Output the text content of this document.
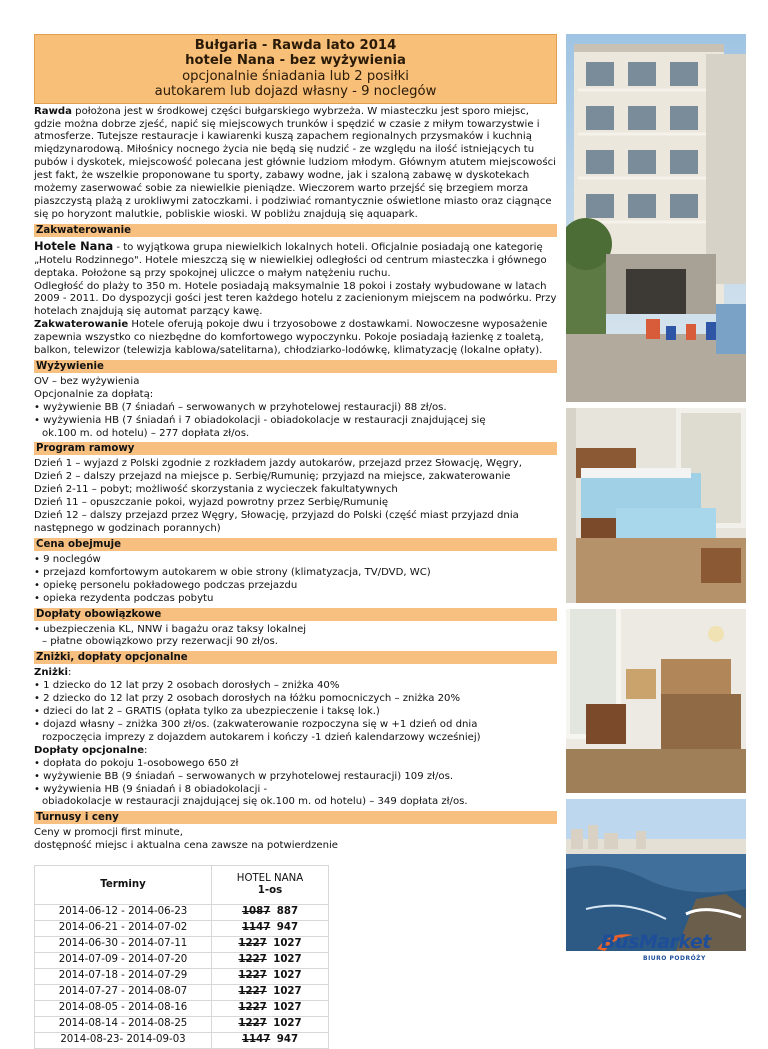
Bułgaria - Rawda lato 2014
hotele Nana - bez wyżywienia
opcjonalnie śniadania lub 2 posiłki
autokarem lub dojazd własny - 9 noclegów

Rawda położona jest w środkowej części bułgarskiego wybrzeża. W miasteczku jest sporo miejsc, gdzie można dobrze zjeść, napić się miejscowych trunków i spędzić w czasie z miłym towarzystwie i atmosferze. Tutejsze restauracje i kawiarenki kuszą zapachem regionalnych przysmaków i kuchnią międzynarodową. Miłośnicy nocnego życia nie będą się nudzić - ze względu na ilość istniejących tu pubów i dyskotek, miejscowość polecana jest głównie ludziom młodym. Głównym atutem miejscowości jest fakt, że wszelkie proponowane tu sporty, zabawy wodne, jak i szaloną zabawę w dyskotekach możemy zaserwować sobie za niewielkie pieniądze. Wieczorem warto przejść się brzegiem morza piaszczystą plażą z urokliwymi zatoczkami. i podziwiać romantycznie oświetlone miasto oraz ciągnące się po horyzont malutkie, pobliskie wioski. W pobliżu znajdują się aquapark.

Zakwaterowanie

Hotele Nana - to wyjątkowa grupa niewielkich lokalnych hoteli. Oficjalnie posiadają one kategorię „Hotelu Rodzinnego". Hotele mieszczą się w niewielkiej odległości od centrum miasteczka i głównego deptaka. Położone są przy spokojnej uliczce o małym natężeniu ruchu.

Odległość do plaży to 350 m. Hotele posiadają maksymalnie 18 pokoi i zostały wybudowane w latach 2009 - 2011. Do dyspozycji gości jest teren każdego hotelu z zacienionym miejscem na podwórku. Przy hotelach znajdują się automat parzący kawę.

Zakwaterowanie Hotele oferują pokoje dwu i trzyosobowe z dostawkami. Nowoczesne wyposażenie zapewnia wszystko co niezbędne do komfortowego wypoczynku. Pokoje posiadają łazienkę z toaletą, balkon, telewizor (telewizja kablowa/satelitarna), chłodziarko-lodówkę, klimatyzację (lokalne opłaty).

Wyżywienie

OV – bez wyżywienia

Opcjonalnie za dopłatą:

• wyżywienie BB (7 śniadań – serwowanych w przyhotelowej restauracji) 88 zł/os.

• wyżywienia HB (7 śniadań i 7 obiadokolacji - obiadokolacje w restauracji znajdującej się

ok.100 m. od hotelu) – 277 dopłata zł/os.

Program ramowy

Dzień 1 – wyjazd z Polski zgodnie z rozkładem jazdy autokarów, przejazd przez Słowację, Węgry,

Dzień 2 – dalszy przejazd na miejsce p. Serbię/Rumunię; przyjazd na miejsce, zakwaterowanie

Dzień 2-11 – pobyt; możliwość skorzystania z wycieczek fakultatywnych

Dzień 11 – opuszczanie pokoi, wyjazd powrotny przez Serbię/Rumunię

Dzień 12 – dalszy przejazd przez Węgry, Słowację, przyjazd do Polski (część miast przyjazd dnia

następnego w godzinach porannych)

Cena obejmuje

• 9 noclegów

• przejazd komfortowym autokarem w obie strony (klimatyzacja, TV/DVD, WC)

• opiekę personelu pokładowego podczas przejazdu

• opieka rezydenta podczas pobytu

Dopłaty obowiązkowe

• ubezpieczenia KL, NNW i bagażu oraz taksy lokalnej

– płatne obowiązkowo przy rezerwacji 90 zł/os.

Zniżki, dopłaty opcjonalne

Zniżki:

• 1 dziecko do 12 lat przy 2 osobach dorosłych – zniżka 40%

• 2 dziecko do 12 lat przy 2 osobach dorosłych na łóżku pomocniczych – zniżka 20%

• dzieci do lat 2 – GRATIS (opłata tylko za ubezpieczenie i taksę lok.)

• dojazd własny – zniżka 300 zł/os. (zakwaterowanie rozpoczyna się w +1 dzień od dnia

rozpoczęcia imprezy z dojazdem autokarem i kończy -1 dzień kalendarzowy wcześniej)

Dopłaty opcjonalne:

• dopłata do pokoju 1-osobowego 650 zł

• wyżywienie BB (9 śniadań – serwowanych w przyhotelowej restauracji) 109 zł/os.

• wyżywienia HB (9 śniadań i 8 obiadokolacji -

obiadokolacje w restauracji znajdującej się ok.100 m. od hotelu) – 349 dopłata zł/os.

Turnusy i ceny

Ceny w promocji first minute,

dostępność miejsc i aktualna cena zawsze na potwierdzenie

Terminy	HOTEL NANA
1-os

2014-06-12 - 2014-06-23	1087 887
2014-06-21 - 2014-07-02	1147 947
2014-06-30 - 2014-07-11	1227 1027
2014-07-09 - 2014-07-20	1227 1027
2014-07-18 - 2014-07-29	1227 1027
2014-07-27 - 2014-08-07	1227 1027
2014-08-05 - 2014-08-16	1227 1027
2014-08-14 - 2014-08-25	1227 1027
2014-08-23- 2014-09-03	1147 947
BusMarket
BIURO PODRÓŻY
